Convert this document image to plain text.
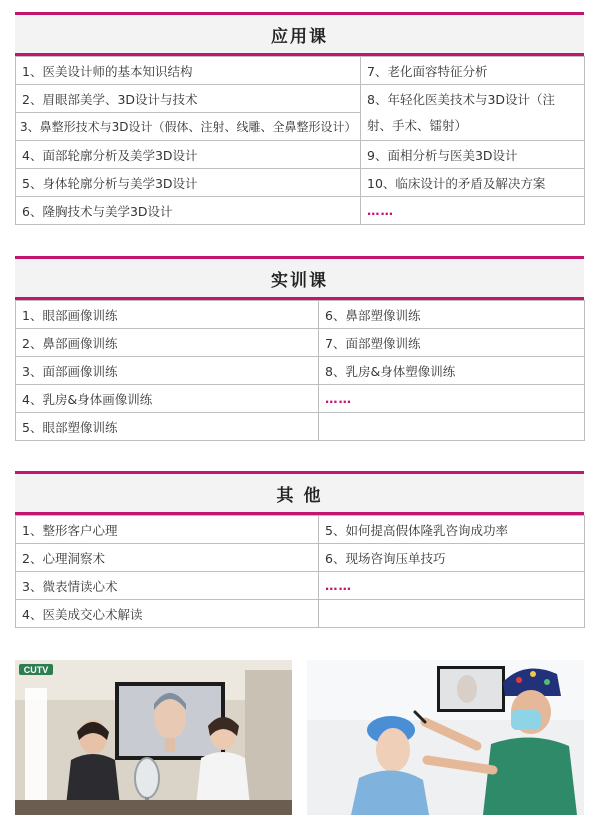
应用课
1、医美设计师的基本知识结构	7、老化面容特征分析
2、眉眼部美学、3D设计与技术	8、年轻化医美技术与3D设计（注射、手术、镭射）
3、鼻整形技术与3D设计（假体、注射、线雕、全鼻整形设计）	
4、面部轮廓分析及美学3D设计	9、面相分析与医美3D设计
5、身体轮廓分析与美学3D设计	10、临床设计的矛盾及解决方案
6、隆胸技术与美学3D设计	……
实训课
1、眼部画像训练	6、鼻部塑像训练
2、鼻部画像训练	7、面部塑像训练
3、面部画像训练	8、乳房&身体塑像训练
4、乳房&身体画像训练	……
5、眼部塑像训练	
其 他
1、整形客户心理	5、如何提高假体隆乳咨询成功率
2、心理洞察术	6、现场咨询压单技巧
3、微表情读心术	……
4、医美成交心术解读	
CUTV
